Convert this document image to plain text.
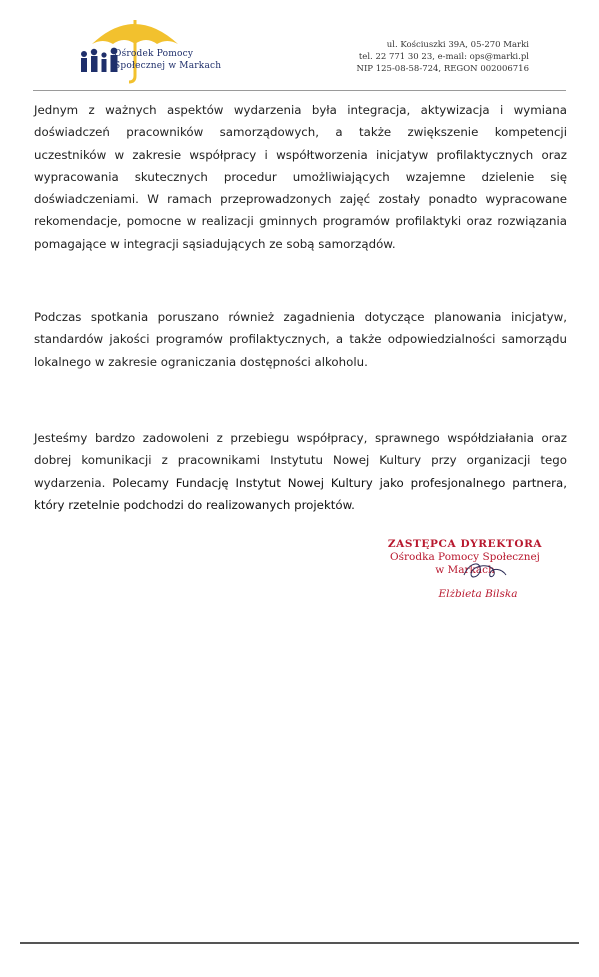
Ośrodek Pomocy
Społecznej w Markach
ul. Kościuszki 39A, 05-270 Marki
tel. 22 771 30 23, e-mail: ops@marki.pl
NIP 125-08-58-724, REGON 002006716

Jednym z ważnych aspektów wydarzenia była integracja, aktywizacja i wymiana doświadczeń pracowników samorządowych, a także zwiększenie kompetencji uczestników w zakresie współpracy i współtworzenia inicjatyw profilaktycznych oraz wypracowania skutecznych procedur umożliwiających wzajemne dzielenie się doświadczeniami. W ramach przeprowadzonych zajęć zostały ponadto wypracowane rekomendacje, pomocne w realizacji gminnych programów profilaktyki oraz rozwiązania pomagające w integracji sąsiadujących ze sobą samorządów.

Podczas spotkania poruszano również zagadnienia dotyczące planowania inicjatyw, standardów jakości programów profilaktycznych, a także odpowiedzialności samorządu lokalnego w zakresie ograniczania dostępności alkoholu.

Jesteśmy bardzo zadowoleni z przebiegu współpracy, sprawnego współdziałania oraz dobrej komunikacji z pracownikami Instytutu Nowej Kultury przy organizacji tego wydarzenia. Polecamy Fundację Instytut Nowej Kultury jako profesjonalnego partnera, który rzetelnie podchodzi do realizowanych projektów.
ZASTĘPCA DYREKTORA
Ośrodka Pomocy Społecznej
w Markach
Elżbieta Bilska
